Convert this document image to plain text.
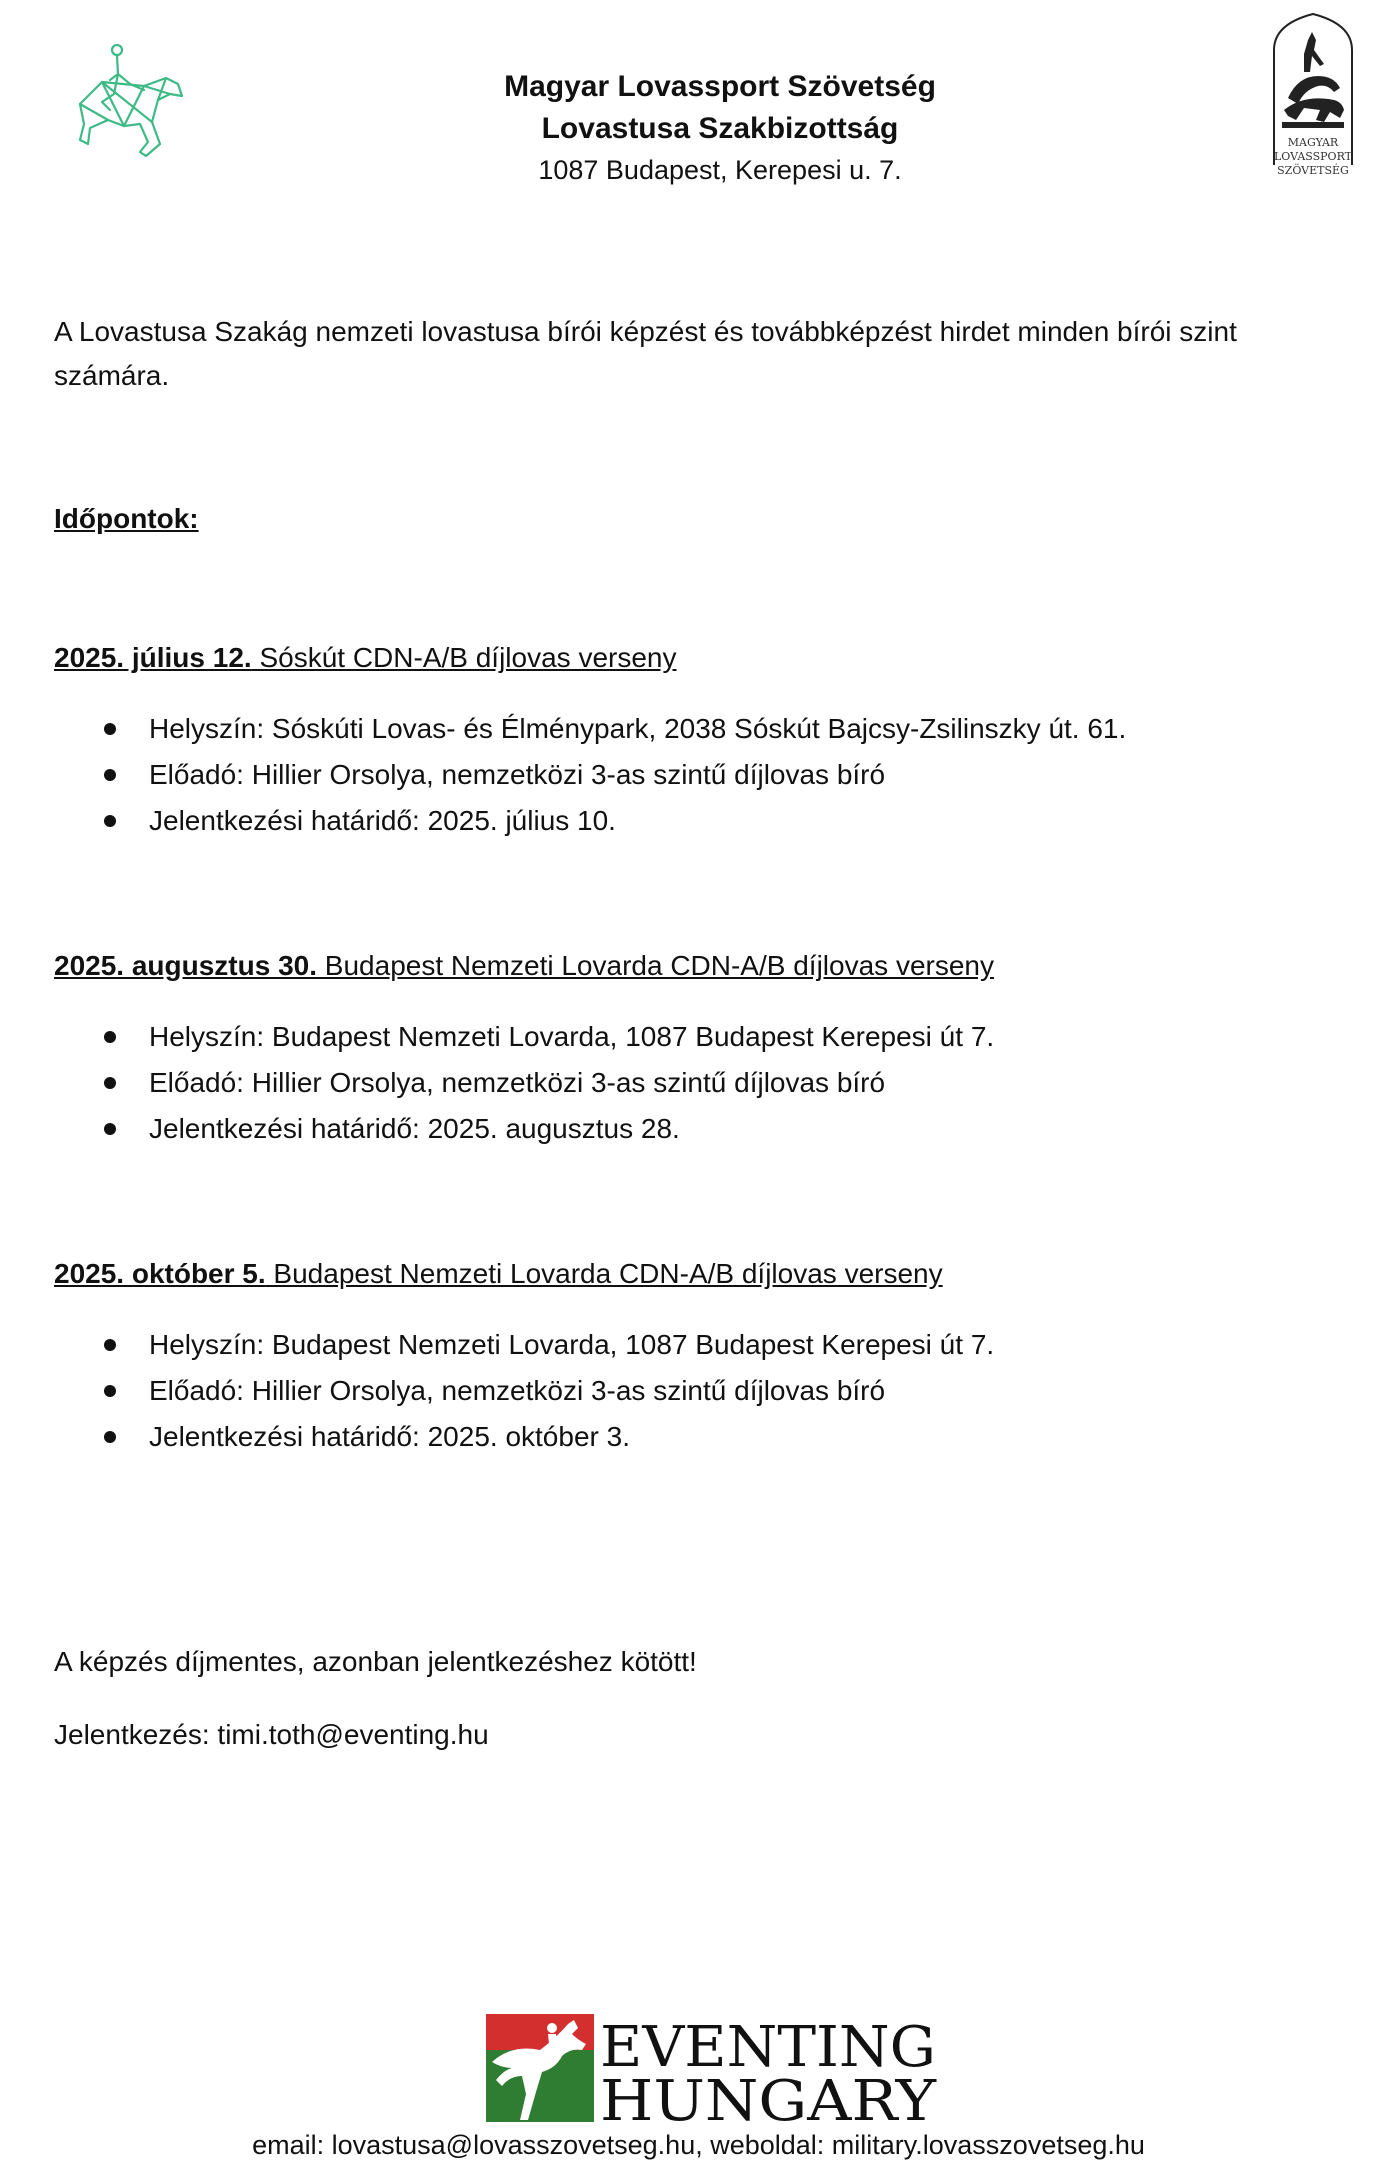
Magyar Lovassport Szövetség
Lovastusa Szakbizottság
1087 Budapest, Kerepesi u. 7.
MAGYAR
LOVASSPORT
SZÖVETSÉG

A Lovastusa Szakág nemzeti lovastusa bírói képzést és továbbképzést hirdet minden bírói szint számára.

Időpontok:
2025. július 12. Sóskút CDN-A/B díjlovas verseny
Helyszín: Sóskúti Lovas- és Élménypark, 2038 Sóskút Bajcsy-Zsilinszky út. 61.
Előadó: Hillier Orsolya, nemzetközi 3-as szintű díjlovas bíró
Jelentkezési határidő: 2025. július 10.
2025. augusztus 30. Budapest Nemzeti Lovarda CDN-A/B díjlovas verseny
Helyszín: Budapest Nemzeti Lovarda, 1087 Budapest Kerepesi út 7.
Előadó: Hillier Orsolya, nemzetközi 3-as szintű díjlovas bíró
Jelentkezési határidő: 2025. augusztus 28.
2025. október 5. Budapest Nemzeti Lovarda CDN-A/B díjlovas verseny
Helyszín: Budapest Nemzeti Lovarda, 1087 Budapest Kerepesi út 7.
Előadó: Hillier Orsolya, nemzetközi 3-as szintű díjlovas bíró
Jelentkezési határidő: 2025. október 3.

A képzés díjmentes, azonban jelentkezéshez kötött!

Jelentkezés: timi.toth@eventing.hu

EVENTING
HUNGARY
email: lovastusa@lovasszovetseg.hu, weboldal: military.lovasszovetseg.hu
